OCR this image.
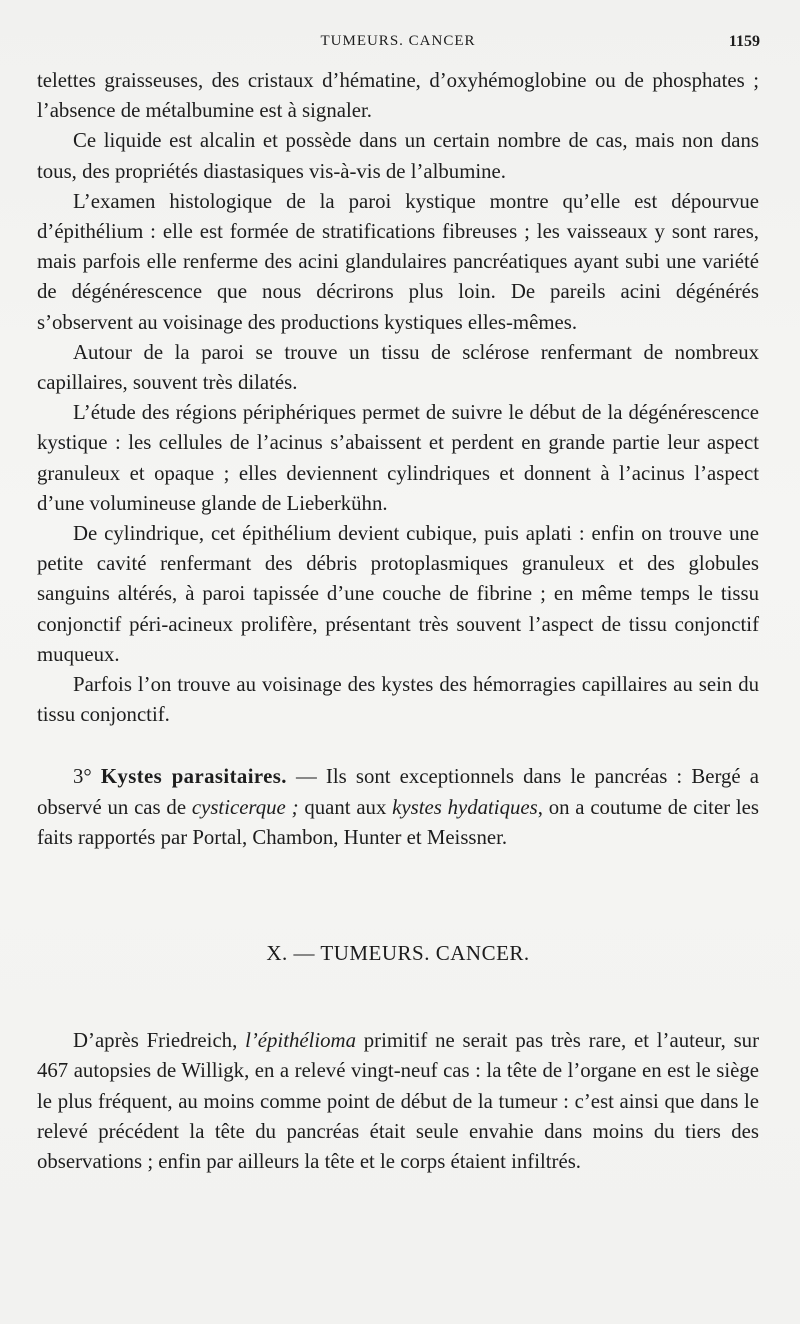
TUMEURS. CANCER	1159

telettes graisseuses, des cristaux d’hématine, d’oxyhémoglobine ou de phosphates ; l’absence de métalbumine est à signaler.

Ce liquide est alcalin et possède dans un certain nombre de cas, mais non dans tous, des propriétés diastasiques vis-à-vis de l’albumine.

L’examen histologique de la paroi kystique montre qu’elle est dépourvue d’épithélium : elle est formée de stratifications fibreuses ; les vaisseaux y sont rares, mais parfois elle renferme des acini glandulaires pancréatiques ayant subi une variété de dégénérescence que nous décrirons plus loin. De pareils acini dégénérés s’observent au voisinage des productions kystiques elles-mêmes.

Autour de la paroi se trouve un tissu de sclérose renfermant de nombreux capillaires, souvent très dilatés.

L’étude des régions périphériques permet de suivre le début de la dégénérescence kystique : les cellules de l’acinus s’abaissent et perdent en grande partie leur aspect granuleux et opaque ; elles deviennent cylindriques et donnent à l’acinus l’aspect d’une volumineuse glande de Lieberkühn.

De cylindrique, cet épithélium devient cubique, puis aplati : enfin on trouve une petite cavité renfermant des débris protoplasmiques granuleux et des globules sanguins altérés, à paroi tapissée d’une couche de fibrine ; en même temps le tissu conjonctif péri-acineux prolifère, présentant très souvent l’aspect de tissu conjonctif muqueux.

Parfois l’on trouve au voisinage des kystes des hémorragies capillaires au sein du tissu conjonctif.

3° Kystes parasitaires. — Ils sont exceptionnels dans le pancréas : Bergé a observé un cas de cysticerque ; quant aux kystes hydatiques, on a coutume de citer les faits rapportés par Portal, Chambon, Hunter et Meissner.

X. — TUMEURS. CANCER.

D’après Friedreich, l’épithélioma primitif ne serait pas très rare, et l’auteur, sur 467 autopsies de Willigk, en a relevé vingt-neuf cas : la tête de l’organe en est le siège le plus fréquent, au moins comme point de début de la tumeur : c’est ainsi que dans le relevé précédent la tête du pancréas était seule envahie dans moins du tiers des observations ; enfin par ailleurs la tête et le corps étaient infiltrés.
